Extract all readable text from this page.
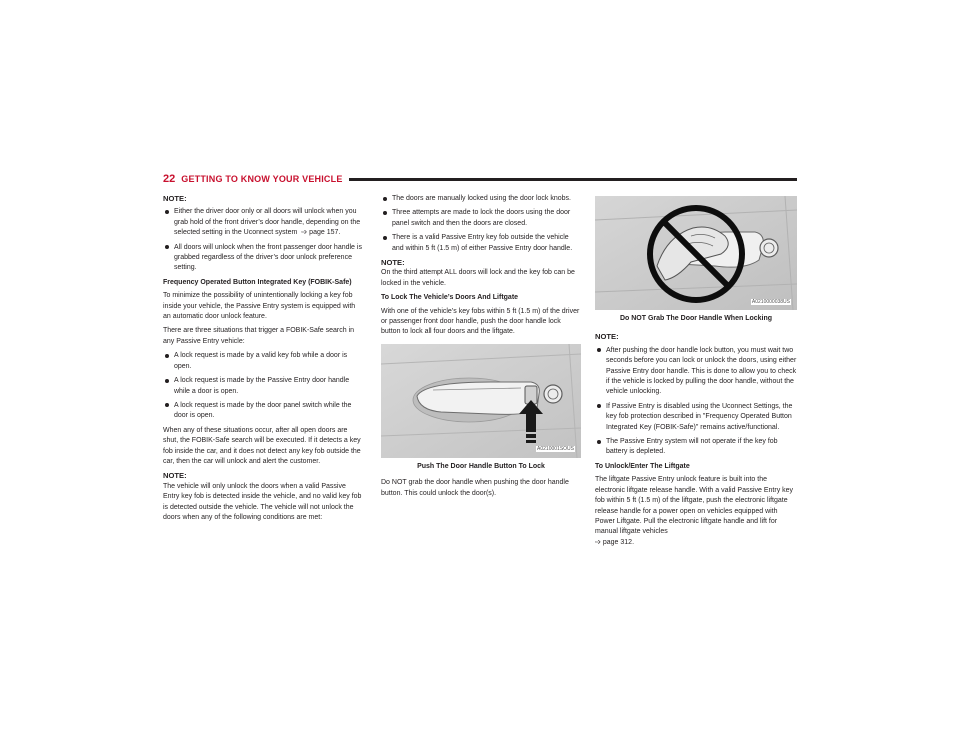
22 GETTING TO KNOW YOUR VEHICLE
NOTE:
Either the driver door only or all doors will unlock when you grab hold of the front driver’s door handle, depending on the selected setting in the Uconnect system ➩ page 157.
All doors will unlock when the front passenger door handle is grabbed regardless of the driver’s door unlock preference setting.
Frequency Operated Button Integrated Key (FOBIK-Safe)

To minimize the possibility of unintentionally locking a key fob inside your vehicle, the Passive Entry system is equipped with an automatic door unlock feature.

There are three situations that trigger a FOBIK-Safe search in any Passive Entry vehicle:

A lock request is made by a valid key fob while a door is open.
A lock request is made by the Passive Entry door handle while a door is open.
A lock request is made by the door panel switch while the door is open.

When any of these situations occur, after all open doors are shut, the FOBIK-Safe search will be executed. If it detects a key fob inside the car, and it does not detect any key fob outside the car, then the car will unlock and alert the customer.

NOTE:

The vehicle will only unlock the doors when a valid Passive Entry key fob is detected inside the vehicle, and no valid key fob is detected outside the vehicle. The vehicle will not unlock the doors when any of the following conditions are met:

The doors are manually locked using the door lock knobs.
Three attempts are made to lock the doors using the door panel switch and then the doors are closed.
There is a valid Passive Entry key fob outside the vehicle and within 5 ft (1.5 m) of either Passive Entry door handle.
NOTE:

On the third attempt ALL doors will lock and the key fob can be locked in the vehicle.

To Lock The Vehicle’s Doors And Liftgate

With one of the vehicle’s key fobs within 5 ft (1.5 m) of the driver or passenger front door handle, push the door handle lock button to lock all four doors and the liftgate.

A0210001SOUS
Push The Door Handle Button To Lock

Do NOT grab the door handle when pushing the door handle button. This could unlock the door(s).

A0210000038US
Do NOT Grab The Door Handle When Locking
NOTE:
After pushing the door handle lock button, you must wait two seconds before you can lock or unlock the doors, using either Passive Entry door handle. This is done to allow you to check if the vehicle is locked by pulling the door handle, without the vehicle unlocking.
If Passive Entry is disabled using the Uconnect Settings, the key fob protection described in "Frequency Operated Button Integrated Key (FOBIK-Safe)" remains active/functional.
The Passive Entry system will not operate if the key fob battery is depleted.
To Unlock/Enter The Liftgate

The liftgate Passive Entry unlock feature is built into the electronic liftgate release handle. With a valid Passive Entry key fob within 5 ft (1.5 m) of the liftgate, push the electronic liftgate release handle for a power open on vehicles equipped with Power Liftgate. Pull the electronic liftgate handle and lift for manual liftgate vehicles
➩ page 312.
